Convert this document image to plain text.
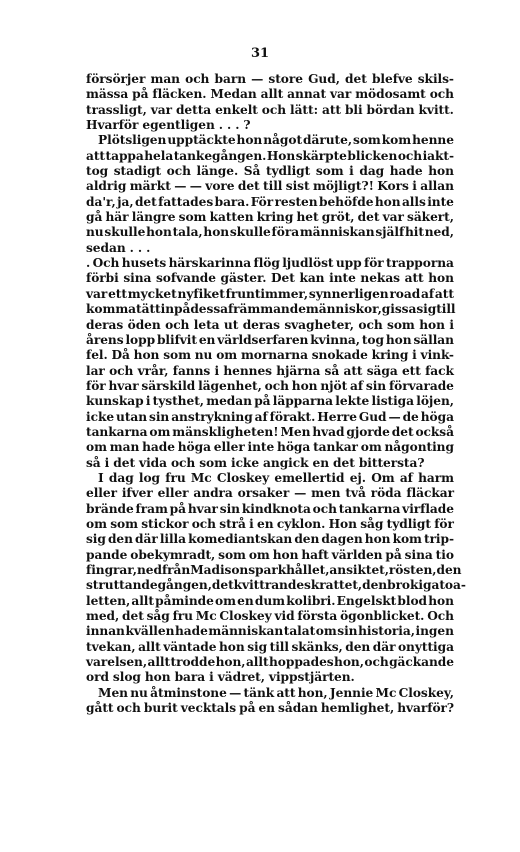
31
försörjer man och barn — store Gud, det blefve skils-
mässa på fläcken. Medan allt annat var mödosamt och
trassligt, var detta enkelt och lätt: att bli bördan kvitt.
Hvarför egentligen . . . ?
Plötsligen upptäckte hon något därute, som kom henne
att tappa hela tankegången. Hon skärpte blicken och iakt-
tog stadigt och länge. Så tydligt som i dag hade hon
aldrig märkt — — vore det till sist möjligt?! Kors i allan
da'r, ja, det fattades bara. För resten behöfde hon alls inte
gå här längre som katten kring het gröt, det var säkert,
nu skulle hon tala, hon skulle föra människan själf hit ned,
sedan . . .
. Och husets härskarinna flög ljudlöst upp för trapporna
förbi sina sofvande gäster. Det kan inte nekas att hon
var ett mycket nyfiket fruntimmer, synnerligen road af att
komma tätt inpå dessa främmande människor, gissa sig till
deras öden och leta ut deras svagheter, och som hon i
årens lopp blifvit en världserfaren kvinna, tog hon sällan
fel. Då hon som nu om mornarna snokade kring i vink-
lar och vrår, fanns i hennes hjärna så att säga ett fack
för hvar särskild lägenhet, och hon njöt af sin förvarade
kunskap i tysthet, medan på läpparna lekte listiga löjen,
icke utan sin anstrykning af förakt. Herre Gud — de höga
tankarna om mänskligheten! Men hvad gjorde det också
om man hade höga eller inte höga tankar om någonting
så i det vida och som icke angick en det bittersta?
I dag log fru Mc Closkey emellertid ej. Om af harm
eller ifver eller andra orsaker — men två röda fläckar
brände fram på hvar sin kindknota och tankarna virflade
om som stickor och strå i en cyklon. Hon såg tydligt för
sig den där lilla komediantskan den dagen hon kom trip-
pande obekymradt, som om hon haft världen på sina tio
fingrar, ned från Madisonsparkhållet, ansiktet, rösten, den
struttande gången, det kvittrande skrattet, den brokiga toa-
letten, allt påminde om en dum kolibri. Engelskt blod hon
med, det såg fru Mc Closkey vid första ögonblicket. Och
innan kvällen hade människan talat om sin historia, ingen
tvekan, allt väntade hon sig till skänks, den där onyttiga
varelsen, allt trodde hon, allt hoppades hon, och gäckande
ord slog hon bara i vädret, vippstjärten.
Men nu åtminstone — tänk att hon, Jennie Mc Closkey,
gått och burit vecktals på en sådan hemlighet, hvarför?
